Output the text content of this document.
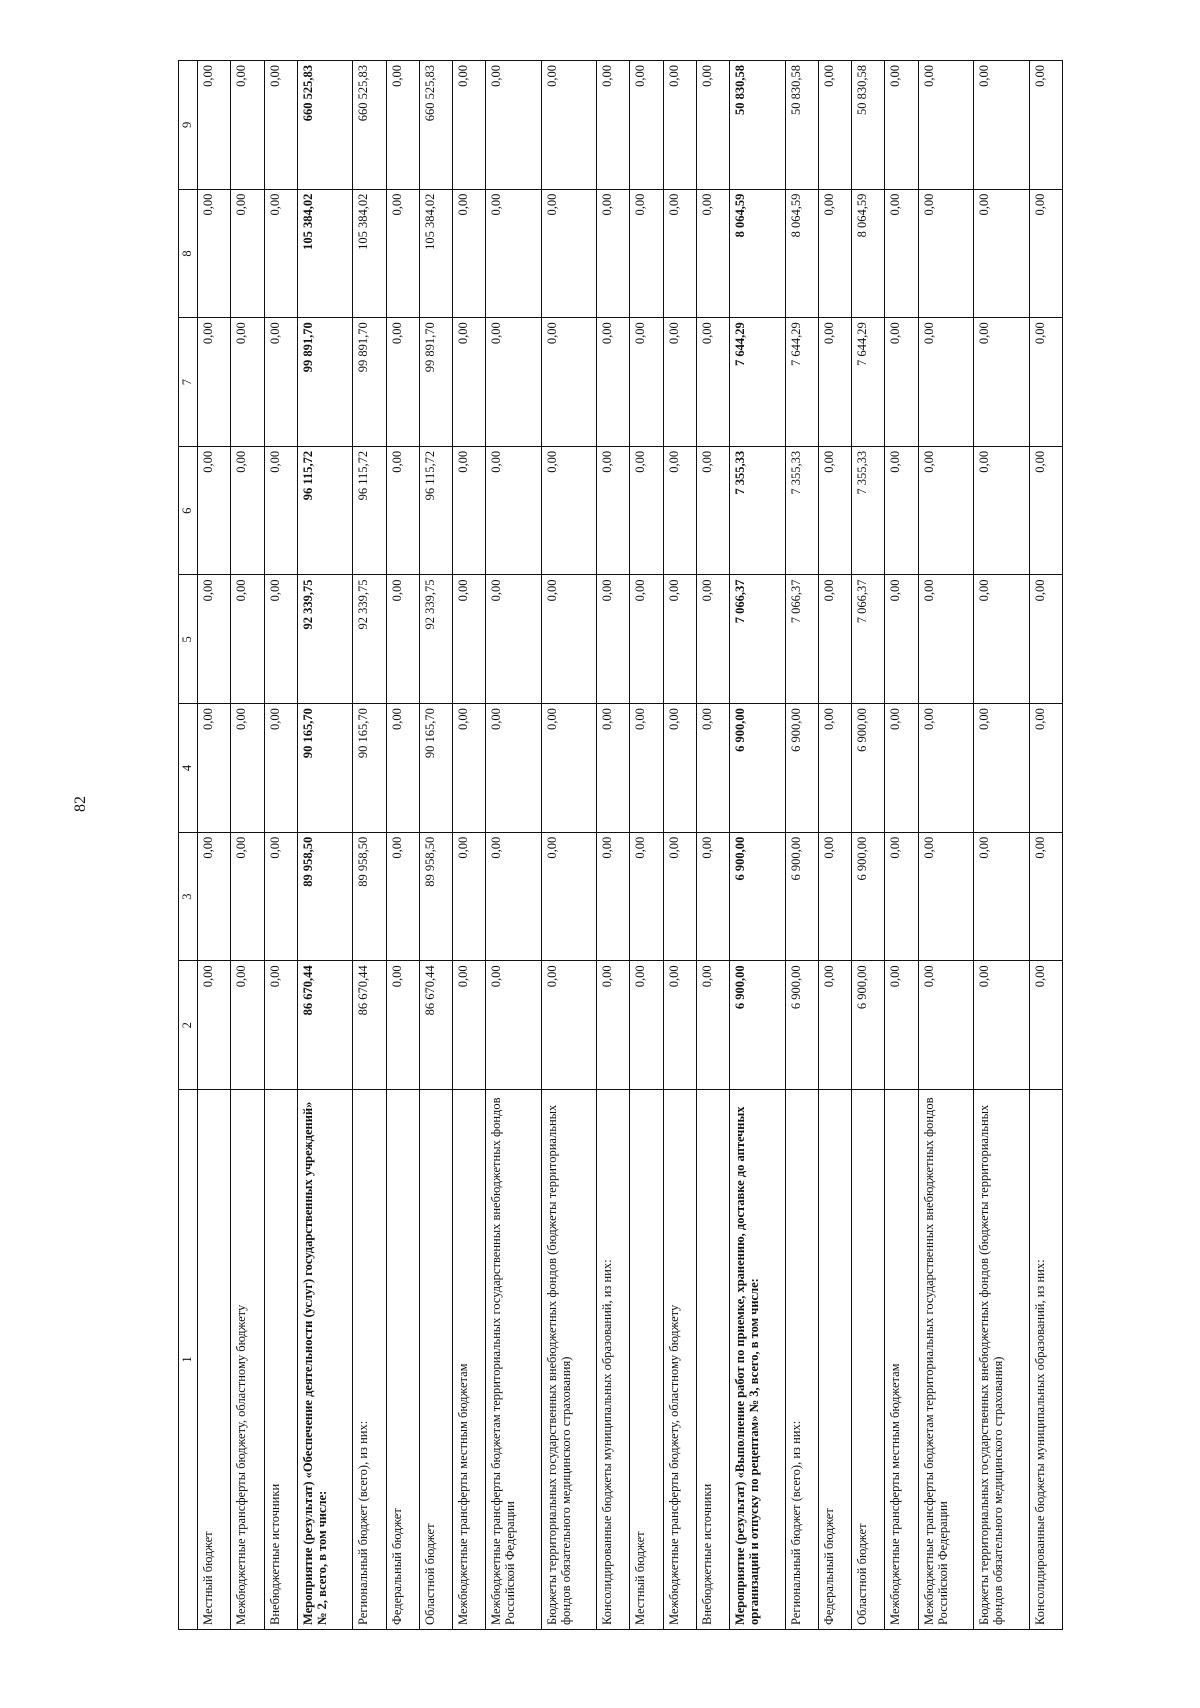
82
1	2	3	4	5	6	7	8	9
Местный бюджет	0,00	0,00	0,00	0,00	0,00	0,00	0,00	0,00
Межбюджетные трансферты бюджету, областному бюджету	0,00	0,00	0,00	0,00	0,00	0,00	0,00	0,00
Внебюджетные источники	0,00	0,00	0,00	0,00	0,00	0,00	0,00	0,00
Мероприятие (результат) «Обеспечение деятельности (услуг) государственных учреждений» № 2, всего, в том числе:	86 670,44	89 958,50	90 165,70	92 339,75	96 115,72	99 891,70	105 384,02	660 525,83
Региональный бюджет (всего), из них:	86 670,44	89 958,50	90 165,70	92 339,75	96 115,72	99 891,70	105 384,02	660 525,83
Федеральный бюджет	0,00	0,00	0,00	0,00	0,00	0,00	0,00	0,00
Областной бюджет	86 670,44	89 958,50	90 165,70	92 339,75	96 115,72	99 891,70	105 384,02	660 525,83
Межбюджетные трансферты местным бюджетам	0,00	0,00	0,00	0,00	0,00	0,00	0,00	0,00
Межбюджетные трансферты бюджетам территориальных государственных внебюджетных фондов Российской Федерации	0,00	0,00	0,00	0,00	0,00	0,00	0,00	0,00
Бюджеты территориальных государственных внебюджетных фондов (бюджеты территориальных фондов обязательного медицинского страхования)	0,00	0,00	0,00	0,00	0,00	0,00	0,00	0,00
Консолидированные бюджеты муниципальных образований, из них:	0,00	0,00	0,00	0,00	0,00	0,00	0,00	0,00
Местный бюджет	0,00	0,00	0,00	0,00	0,00	0,00	0,00	0,00
Межбюджетные трансферты бюджету, областному бюджету	0,00	0,00	0,00	0,00	0,00	0,00	0,00	0,00
Внебюджетные источники	0,00	0,00	0,00	0,00	0,00	0,00	0,00	0,00
Мероприятие (результат) «Выполнение работ по приемке, хранению, доставке до аптечных организаций и отпуску по рецептам» № 3, всего, в том числе:	6 900,00	6 900,00	6 900,00	7 066,37	7 355,33	7 644,29	8 064,59	50 830,58
Региональный бюджет (всего), из них:	6 900,00	6 900,00	6 900,00	7 066,37	7 355,33	7 644,29	8 064,59	50 830,58
Федеральный бюджет	0,00	0,00	0,00	0,00	0,00	0,00	0,00	0,00
Областной бюджет	6 900,00	6 900,00	6 900,00	7 066,37	7 355,33	7 644,29	8 064,59	50 830,58
Межбюджетные трансферты местным бюджетам	0,00	0,00	0,00	0,00	0,00	0,00	0,00	0,00
Межбюджетные трансферты бюджетам территориальных государственных внебюджетных фондов Российской Федерации	0,00	0,00	0,00	0,00	0,00	0,00	0,00	0,00
Бюджеты территориальных государственных внебюджетных фондов (бюджеты территориальных фондов обязательного медицинского страхования)	0,00	0,00	0,00	0,00	0,00	0,00	0,00	0,00
Консолидированные бюджеты муниципальных образований, из них:	0,00	0,00	0,00	0,00	0,00	0,00	0,00	0,00
